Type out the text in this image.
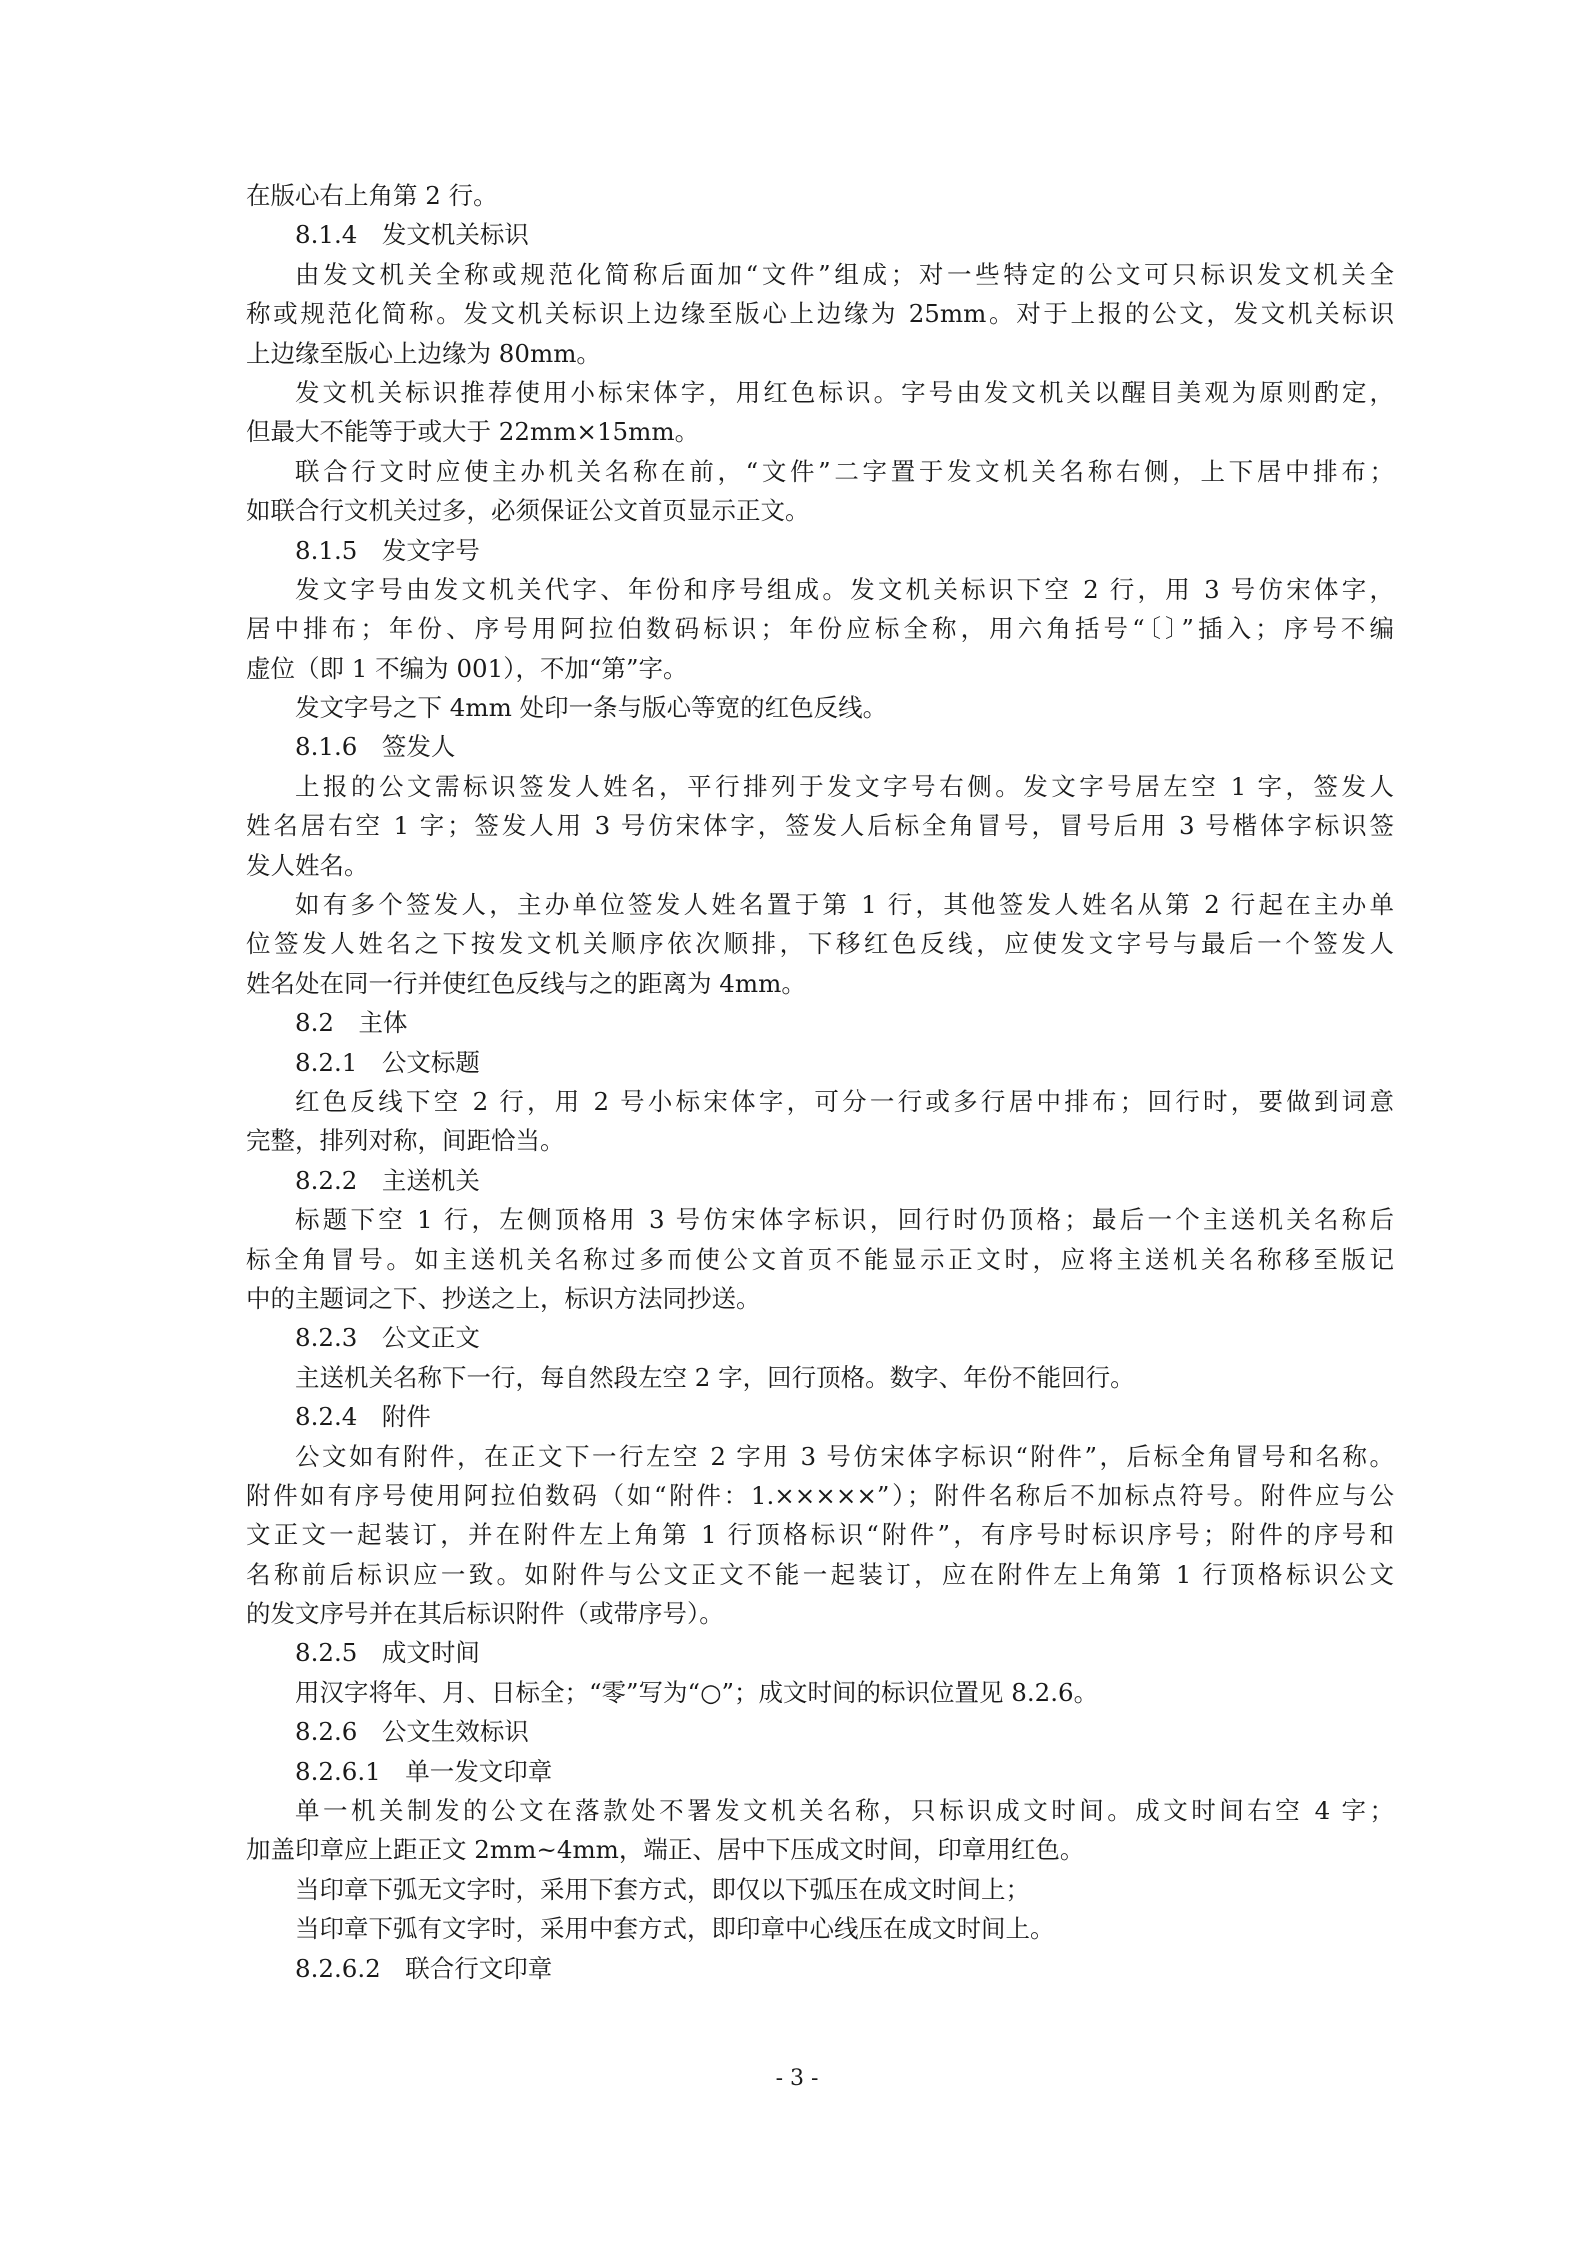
在版心右上角第 2 行。
8.1.4　发文机关标识
由发文机关全称或规范化简称后面加“文件”组成；对一些特定的公文可只标识发文机关全
称或规范化简称。发文机关标识上边缘至版心上边缘为 25mm。对于上报的公文，发文机关标识
上边缘至版心上边缘为 80mm。
发文机关标识推荐使用小标宋体字，用红色标识。字号由发文机关以醒目美观为原则酌定，
但最大不能等于或大于 22mm×15mm。
联合行文时应使主办机关名称在前，“文件”二字置于发文机关名称右侧，上下居中排布；
如联合行文机关过多，必须保证公文首页显示正文。
8.1.5　发文字号
发文字号由发文机关代字、年份和序号组成。发文机关标识下空 2 行，用 3 号仿宋体字，
居中排布；年份、序号用阿拉伯数码标识；年份应标全称，用六角括号“〔〕”插入；序号不编
虚位（即 1 不编为 001），不加“第”字。
发文字号之下 4mm 处印一条与版心等宽的红色反线。
8.1.6　签发人
上报的公文需标识签发人姓名，平行排列于发文字号右侧。发文字号居左空 1 字，签发人
姓名居右空 1 字；签发人用 3 号仿宋体字，签发人后标全角冒号，冒号后用 3 号楷体字标识签
发人姓名。
如有多个签发人，主办单位签发人姓名置于第 1 行，其他签发人姓名从第 2 行起在主办单
位签发人姓名之下按发文机关顺序依次顺排，下移红色反线，应使发文字号与最后一个签发人
姓名处在同一行并使红色反线与之的距离为 4mm。
8.2　主体
8.2.1　公文标题
红色反线下空 2 行，用 2 号小标宋体字，可分一行或多行居中排布；回行时，要做到词意
完整，排列对称，间距恰当。
8.2.2　主送机关
标题下空 1 行，左侧顶格用 3 号仿宋体字标识，回行时仍顶格；最后一个主送机关名称后
标全角冒号。如主送机关名称过多而使公文首页不能显示正文时，应将主送机关名称移至版记
中的主题词之下、抄送之上，标识方法同抄送。
8.2.3　公文正文
主送机关名称下一行，每自然段左空 2 字，回行顶格。数字、年份不能回行。
8.2.4　附件
公文如有附件，在正文下一行左空 2 字用 3 号仿宋体字标识“附件”，后标全角冒号和名称。
附件如有序号使用阿拉伯数码（如“附件：1.×××××”）；附件名称后不加标点符号。附件应与公
文正文一起装订，并在附件左上角第 1 行顶格标识“附件”，有序号时标识序号；附件的序号和
名称前后标识应一致。如附件与公文正文不能一起装订，应在附件左上角第 1 行顶格标识公文
的发文序号并在其后标识附件（或带序号）。
8.2.5　成文时间
用汉字将年、月、日标全；“零”写为“○”；成文时间的标识位置见 8.2.6。
8.2.6　公文生效标识
8.2.6.1　单一发文印章
单一机关制发的公文在落款处不署发文机关名称，只标识成文时间。成文时间右空 4 字；
加盖印章应上距正文 2mm~4mm，端正、居中下压成文时间，印章用红色。
当印章下弧无文字时，采用下套方式，即仅以下弧压在成文时间上；
当印章下弧有文字时，采用中套方式，即印章中心线压在成文时间上。
8.2.6.2　联合行文印章
- 3 -
